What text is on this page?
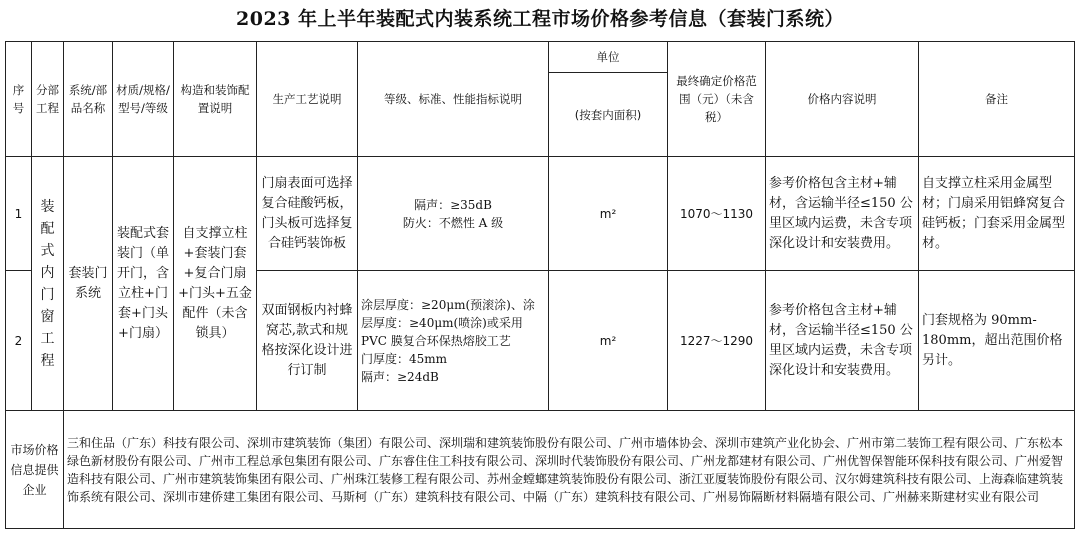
2023 年上半年装配式内装系统工程市场价格参考信息（套装门系统）
序号	分部工程	系统/部品名称	材质/规格/型号/等级	构造和装饰配置说明	生产工艺说明	等级、标准、性能指标说明	单位	最终确定价格范围（元）（未含税）	价格内容说明	备注
							(按套内面积)			
1	装配式内门窗工程	套装门系统	装配式套装门（单开门，含立柱+门套+门头+门扇）	自支撑立柱+套装门套+复合门扇+门头+五金配件（未含锁具）	门扇表面可选择复合硅酸钙板，门头板可选择复合硅钙装饰板	隔声：≥35dB
防火：不燃性 A 级	m²	1070～1130	参考价格包含主材+辅材，含运输半径≤150 公里区域内运费，未含专项深化设计和安装费用。	自支撑立柱采用金属型材；门扇采用铝蜂窝复合硅钙板；门套采用金属型材。
2					双面钢板内衬蜂窝芯,款式和规格按深化设计进行订制	涂层厚度：≥20μm(预滚涂)、涂层厚度：≥40μm(喷涂)或采用 PVC 膜复合环保热熔胶工艺
门厚度：45mm
隔声：≥24dB	m²	1227～1290	参考价格包含主材+辅材，含运输半径≤150 公里区域内运费，未含专项深化设计和安装费用。	门套规格为 90mm-180mm，超出范围价格另计。
市场价格信息提供企业		三和住品（广东）科技有限公司、深圳市建筑装饰（集团）有限公司、深圳瑞和建筑装饰股份有限公司、广州市墙体协会、深圳市建筑产业化协会、广州市第二装饰工程有限公司、广东松本绿色新材股份有限公司、广州市工程总承包集团有限公司、广东睿住住工科技有限公司、深圳时代装饰股份有限公司、广州龙都建材有限公司、广州优智保智能环保科技有限公司、广州爱智造科技有限公司、广州市建筑装饰集团有限公司、广州珠江装修工程有限公司、苏州金螳螂建筑装饰股份有限公司、浙江亚厦装饰股份有限公司、汉尔姆建筑科技有限公司、上海森临建筑装饰系统有限公司、深圳市建侨建工集团有限公司、马斯柯（广东）建筑科技有限公司、中隔（广东）建筑科技有限公司、广州易饰隔断材料隔墙有限公司、广州赫来斯建材实业有限公司								
